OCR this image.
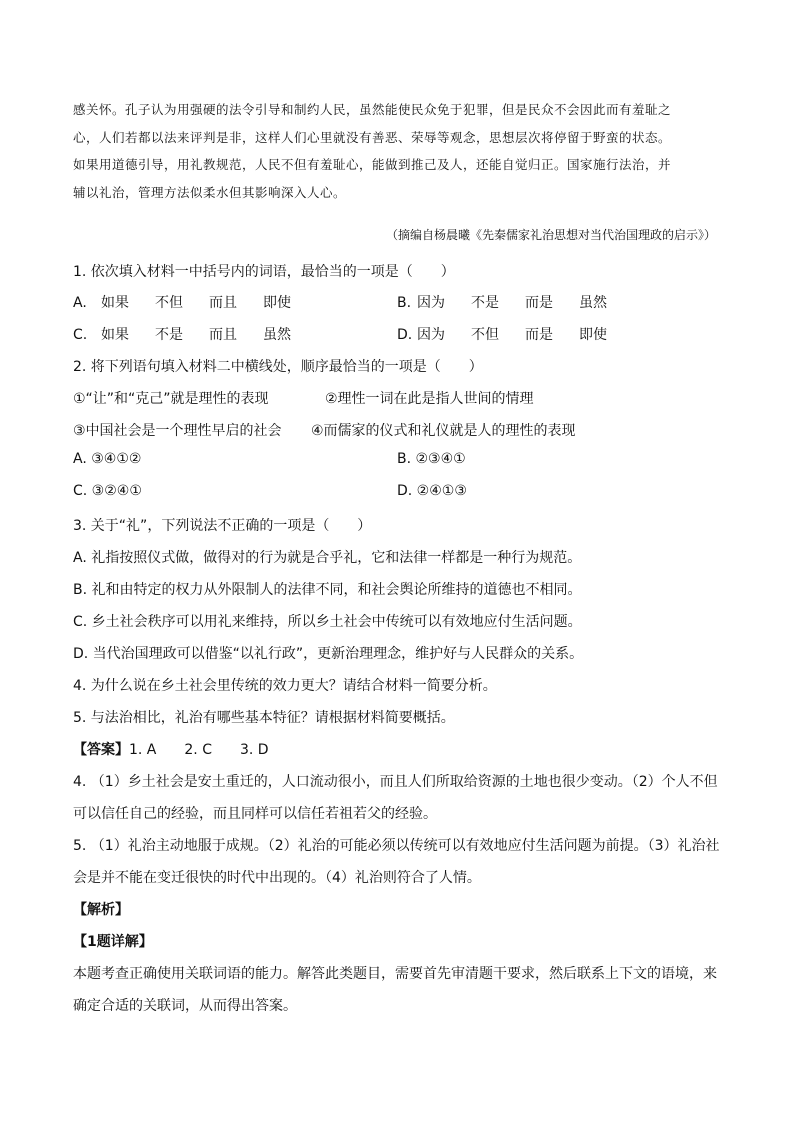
感关怀。孔子认为用强硬的法令引导和制约人民，虽然能使民众免于犯罪，但是民众不会因此而有羞耻之

心，人们若都以法来评判是非，这样人们心里就没有善恶、荣辱等观念，思想层次将停留于野蛮的状态。

如果用道德引导，用礼教规范，人民不但有羞耻心，能做到推己及人，还能自觉归正。国家施行法治，并

辅以礼治，管理方法似柔水但其影响深入人心。

（摘编自杨晨曦《先秦儒家礼治思想对当代治国理政的启示》）
1. 依次填入材料一中括号内的词语，最恰当的一项是（　　）
A. 如果 不但 而且 即使	B. 因为 不是 而是 虽然
C. 如果 不是 而且 虽然	D. 因为 不但 而是 即使
2. 将下列语句填入材料二中横线处，顺序最恰当的一项是（　　）
①“让”和“克己”就是理性的表现	②理性一词在此是指人世间的情理
③中国社会是一个理性早启的社会 ④而儒家的仪式和礼仪就是人的理性的表现
A. ③④①②	B. ②③④①
C. ③②④①	D. ②④①③
3. 关于“礼”，下列说法不正确的一项是（　　）
A. 礼指按照仪式做，做得对的行为就是合乎礼，它和法律一样都是一种行为规范。
B. 礼和由特定的权力从外限制人的法律不同，和社会舆论所维持的道德也不相同。
C. 乡土社会秩序可以用礼来维持，所以乡土社会中传统可以有效地应付生活问题。
D. 当代治国理政可以借鉴“以礼行政”，更新治理理念，维护好与人民群众的关系。
4. 为什么说在乡土社会里传统的效力更大？请结合材料一简要分析。
5. 与法治相比，礼治有哪些基本特征？请根据材料简要概括。
【答案】1. A　　2. C　　3. D
4. （1）乡土社会是安土重迁的，人口流动很小，而且人们所取给资源的土地也很少变动。（2）个人不但
可以信任自己的经验，而且同样可以信任若祖若父的经验。
5. （1）礼治主动地服于成规。（2）礼治的可能必须以传统可以有效地应付生活问题为前提。（3）礼治社
会是并不能在变迁很快的时代中出现的。（4）礼治则符合了人情。
【解析】
【1题详解】
本题考查正确使用关联词语的能力。解答此类题目，需要首先审清题干要求，然后联系上下文的语境，来
确定合适的关联词，从而得出答案。
